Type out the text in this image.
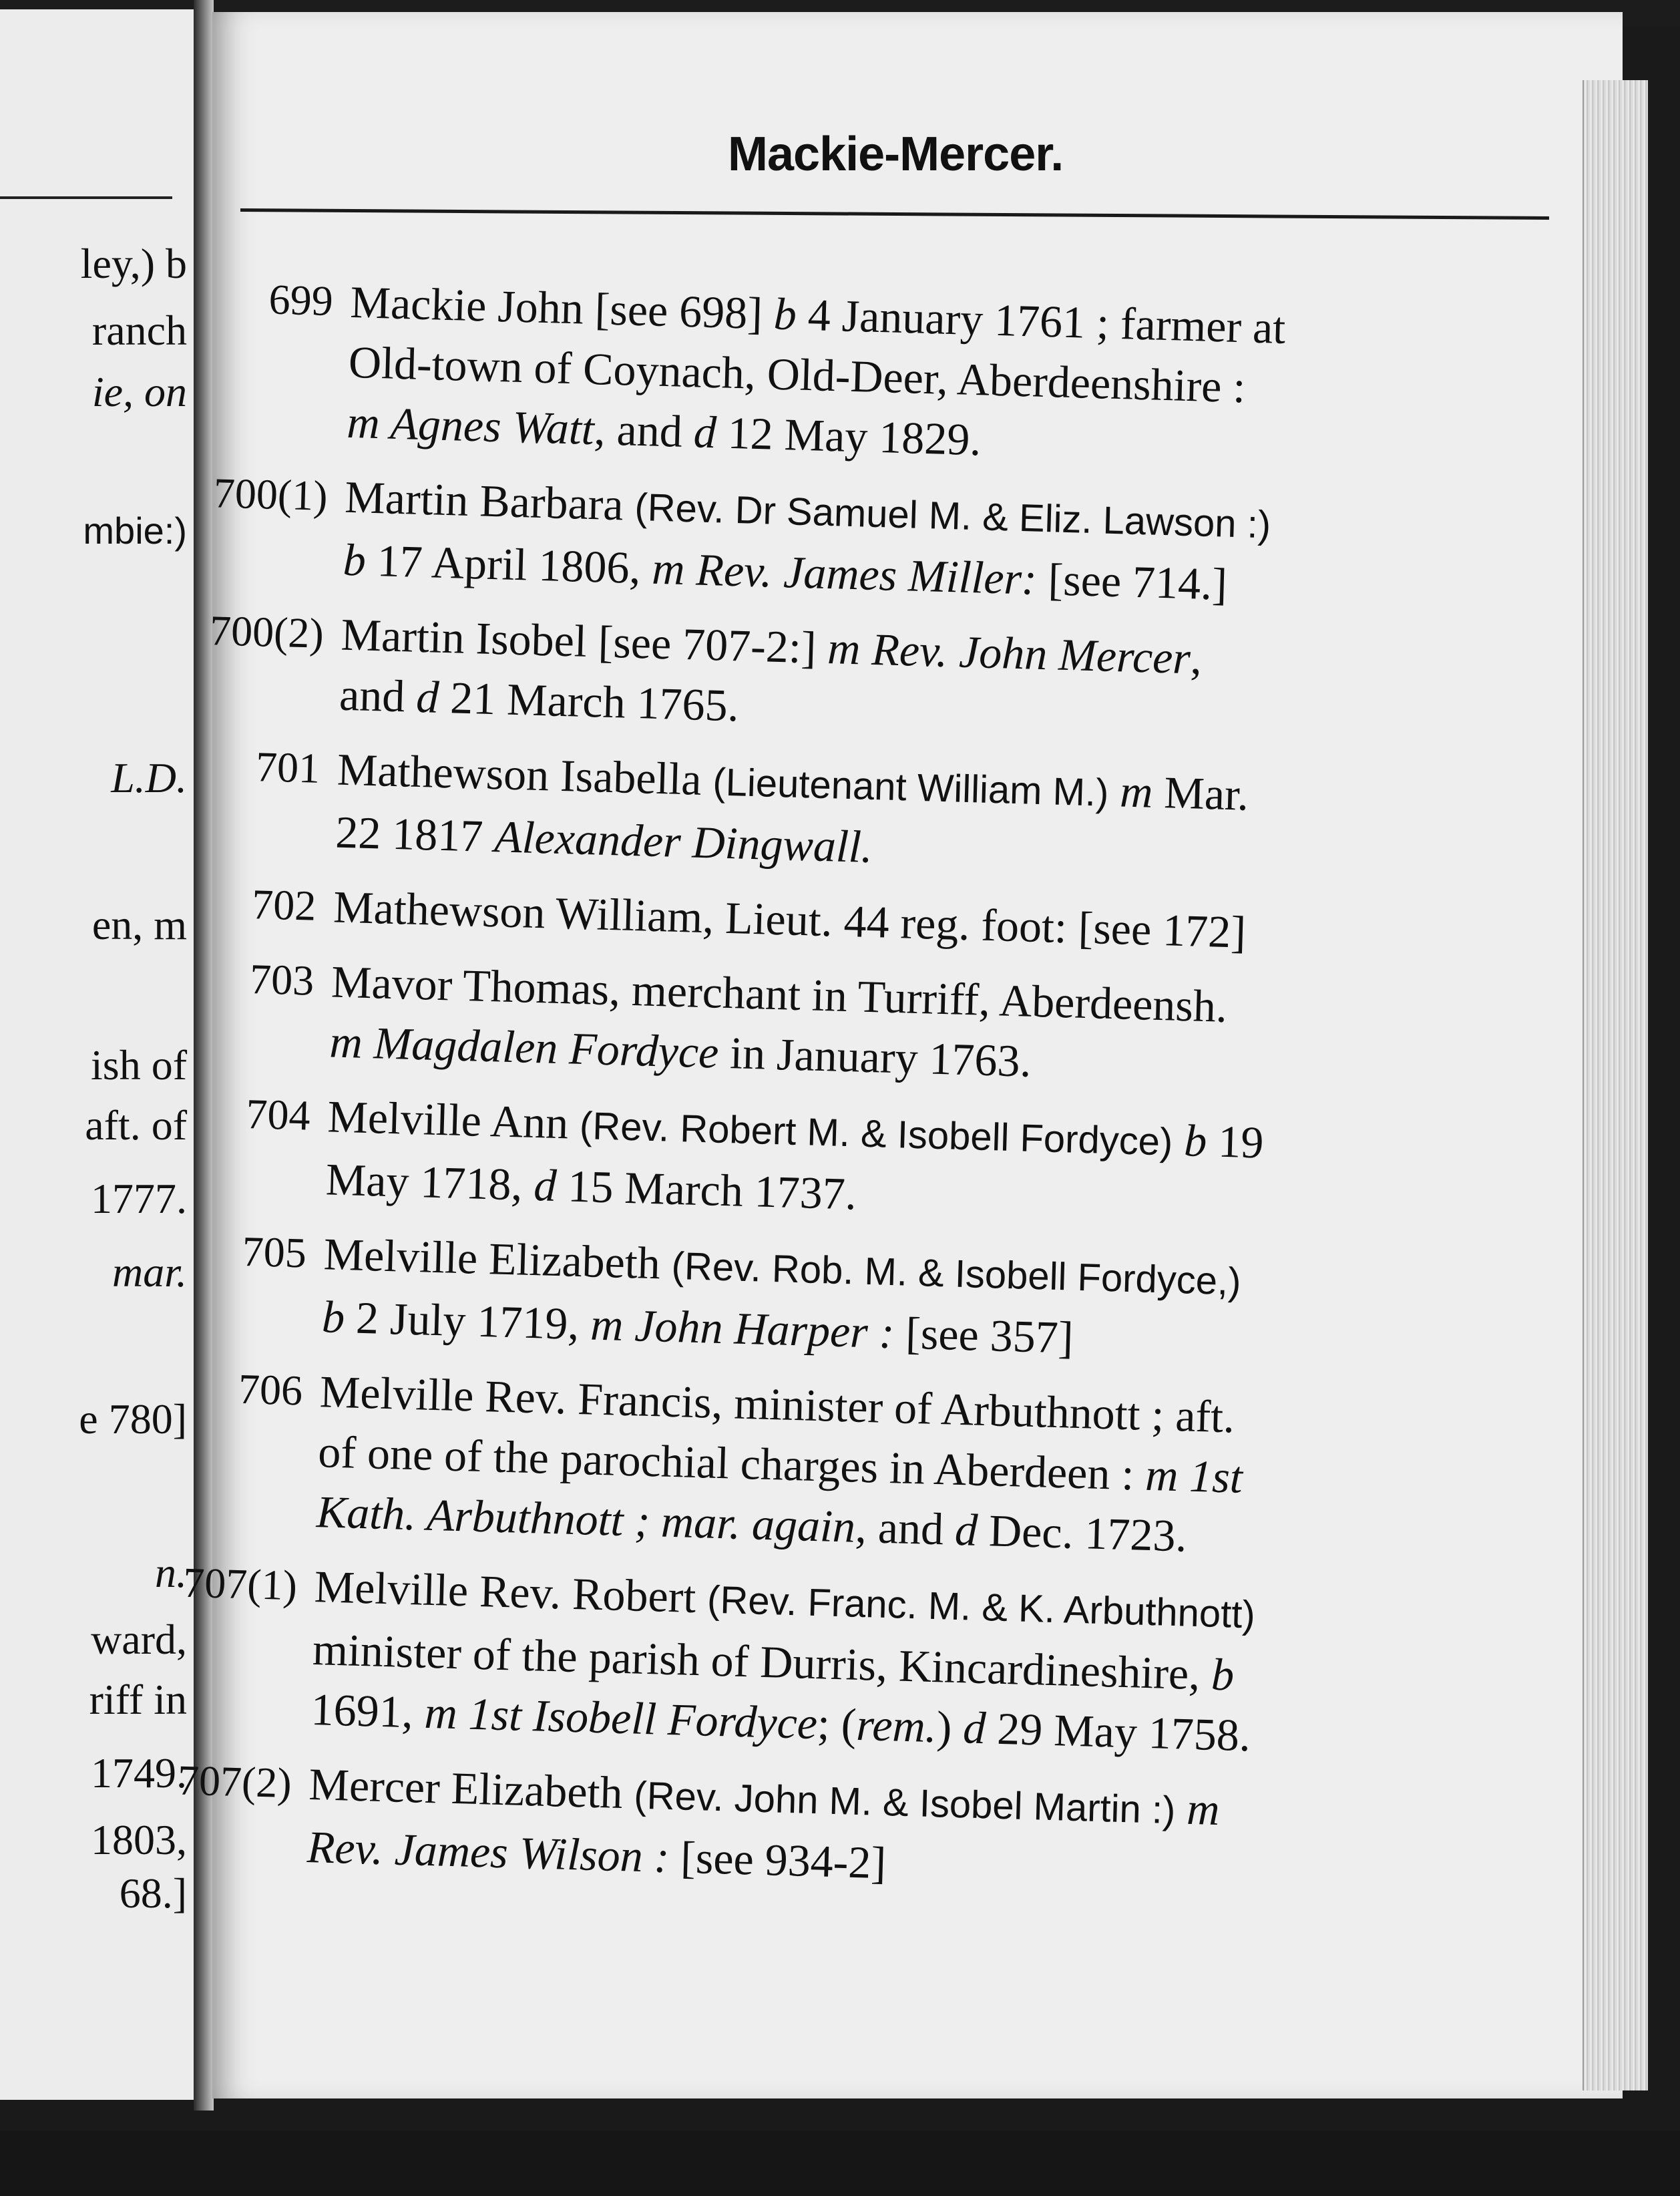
ley,) b
ranch
ie, on
mbie:)
L.D.
en, m
ish of
aft. of
1777.
mar.
e 780]
n.
ward,
riff in
1749.
1803,
68.]
Mackie-Mercer.
699 Mackie John [see 698] b 4 January 1761 ; farmer at
Old-town of Coynach, Old-Deer, Aberdeenshire :
m Agnes Watt, and d 12 May 1829.
700(1) Martin Barbara (Rev. Dr Samuel M. & Eliz. Lawson :)
b 17 April 1806, m Rev. James Miller: [see 714.]
700(2) Martin Isobel [see 707-2:] m Rev. John Mercer,
and d 21 March 1765.
701 Mathewson Isabella (Lieutenant William M.) m Mar.
22 1817 Alexander Dingwall.
702 Mathewson William, Lieut. 44 reg. foot: [see 172]
703 Mavor Thomas, merchant in Turriff, Aberdeensh.
m Magdalen Fordyce in January 1763.
704 Melville Ann (Rev. Robert M. & Isobell Fordyce) b 19
May 1718, d 15 March 1737.
705 Melville Elizabeth (Rev. Rob. M. & Isobell Fordyce,)
b 2 July 1719, m John Harper : [see 357]
706 Melville Rev. Francis, minister of Arbuthnott ; aft.
of one of the parochial charges in Aberdeen : m 1st
Kath. Arbuthnott ; mar. again, and d Dec. 1723.
707(1) Melville Rev. Robert (Rev. Franc. M. & K. Arbuthnott)
minister of the parish of Durris, Kincardineshire, b
1691, m 1st Isobell Fordyce; (rem.) d 29 May 1758.
707(2) Mercer Elizabeth (Rev. John M. & Isobel Martin :) m
Rev. James Wilson : [see 934-2]
